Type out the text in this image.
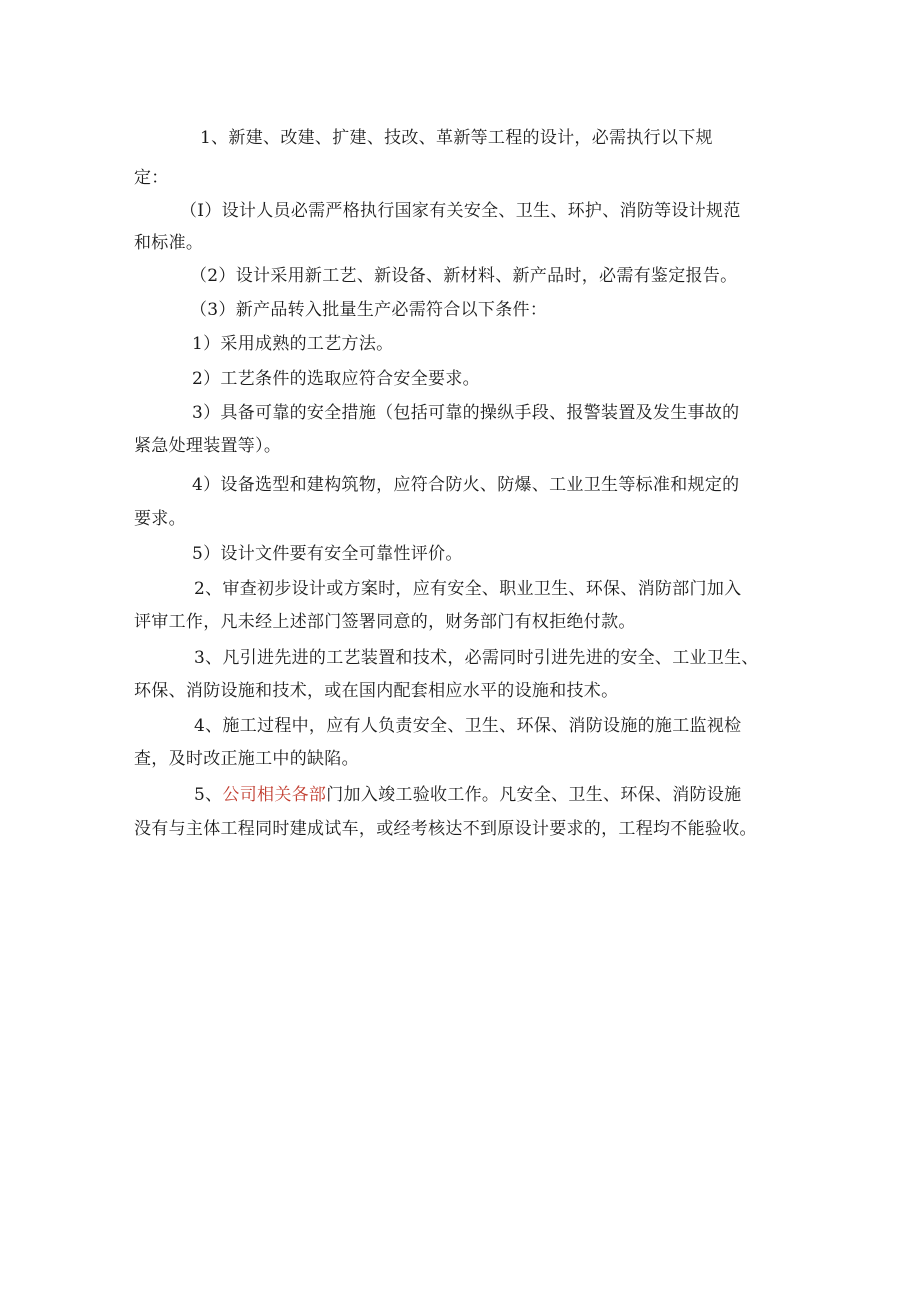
1、新建、改建、扩建、技改、革新等工程的设计，必需执行以下规
定：
（I）设计人员必需严格执行国家有关安全、卫生、环护、消防等设计规范
和标准。
（2）设计采用新工艺、新设备、新材料、新产品时，必需有鉴定报告。
（3）新产品转入批量生产必需符合以下条件：
1）采用成熟的工艺方法。
2）工艺条件的选取应符合安全要求。
3）具备可靠的安全措施（包括可靠的操纵手段、报警装置及发生事故的
紧急处理装置等）。
4）设备选型和建构筑物，应符合防火、防爆、工业卫生等标准和规定的
要求。
5）设计文件要有安全可靠性评价。
2、审查初步设计或方案时，应有安全、职业卫生、环保、消防部门加入
评审工作，凡未经上述部门签署同意的，财务部门有权拒绝付款。
3、凡引进先进的工艺装置和技术，必需同时引进先进的安全、工业卫生、
环保、消防设施和技术，或在国内配套相应水平的设施和技术。
4、施工过程中，应有人负责安全、卫生、环保、消防设施的施工监视检
查，及时改正施工中的缺陷。
5、公司相关各部门加入竣工验收工作。凡安全、卫生、环保、消防设施
没有与主体工程同时建成试车，或经考核达不到原设计要求的，工程均不能验收。
